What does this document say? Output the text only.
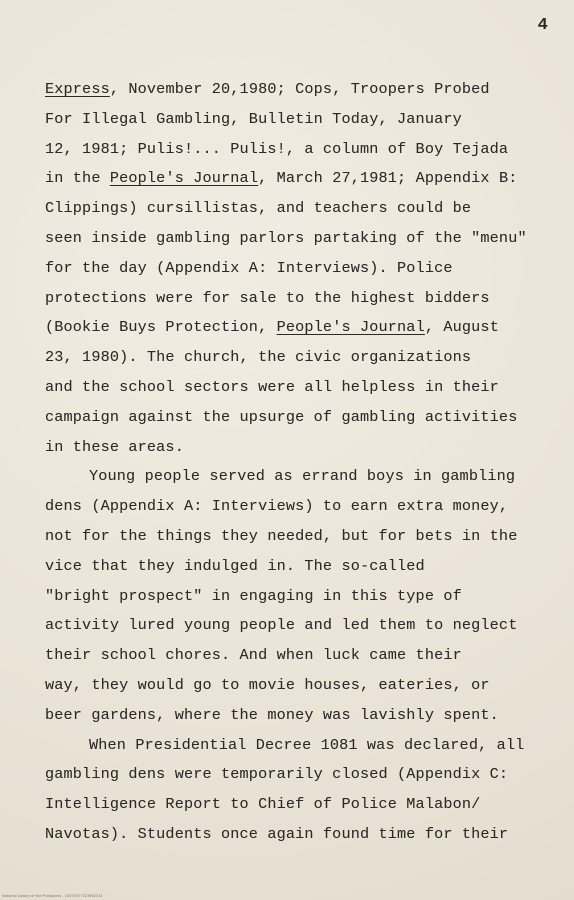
4
Express, November 20,1980; Cops, Troopers Probed
For Illegal Gambling, Bulletin Today, January
12, 1981; Pulis!... Pulis!, a column of Boy Tejada
in the People's Journal, March 27,1981; Appendix B:
Clippings) cursillistas, and teachers could be
seen inside gambling parlors partaking of the "menu"
for the day (Appendix A: Interviews). Police
protections were for sale to the highest bidders
(Bookie Buys Protection, People's Journal, August
23, 1980). The church, the civic organizations
and the school sectors were all helpless in their
campaign against the upsurge of gambling activities
in these areas.
Young people served as errand boys in gambling
dens (Appendix A: Interviews) to earn extra money,
not for the things they needed, but for bets in the
vice that they indulged in. The so-called
"bright prospect" in engaging in this type of
activity lured young people and led them to neglect
their school chores. And when luck came their
way, they would go to movie houses, eateries, or
beer gardens, where the money was lavishly spent.
When Presidential Decree 1081 was declared, all
gambling dens were temporarily closed (Appendix C:
Intelligence Report to Chief of Police Malabon/
Navotas). Students once again found time for their
National Library of the Philippines - 16293377323662314
